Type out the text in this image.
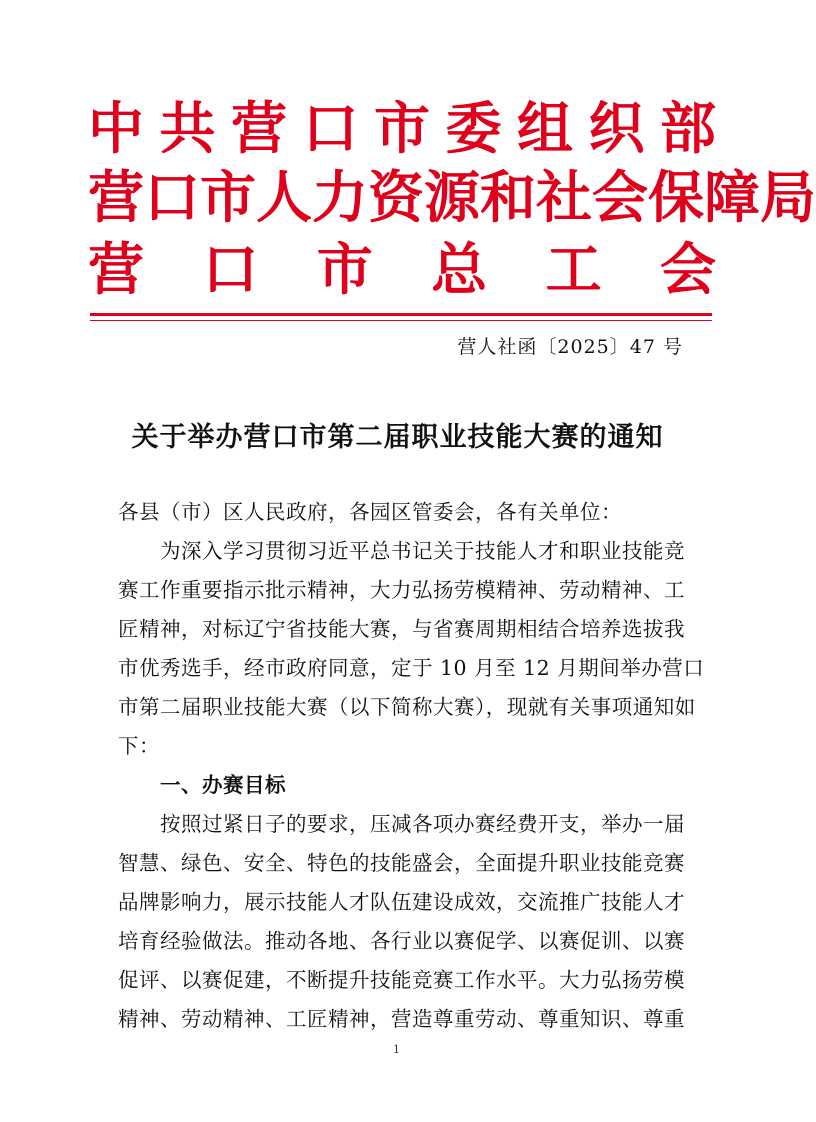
中 共 营 口 市 委 组 织 部
营 口 市 人 力 资 源 和 社 会 保 障 局
营 口 市 总 工 会
营人社函〔2025〕47 号
关于举办营口市第二届职业技能大赛的通知
各县（市）区人民政府，各园区管委会，各有关单位：
为深入学习贯彻习近平总书记关于技能人才和职业技能竞
赛工作重要指示批示精神，大力弘扬劳模精神、劳动精神、工
匠精神，对标辽宁省技能大赛，与省赛周期相结合培养选拔我
市优秀选手，经市政府同意，定于 10 月至 12 月期间举办营口
市第二届职业技能大赛（以下简称大赛），现就有关事项通知如
下：
一、办赛目标
按照过紧日子的要求，压减各项办赛经费开支，举办一届
智慧、绿色、安全、特色的技能盛会，全面提升职业技能竞赛
品牌影响力，展示技能人才队伍建设成效，交流推广技能人才
培育经验做法。推动各地、各行业以赛促学、以赛促训、以赛
促评、以赛促建，不断提升技能竞赛工作水平。大力弘扬劳模
精神、劳动精神、工匠精神，营造尊重劳动、尊重知识、尊重
1
